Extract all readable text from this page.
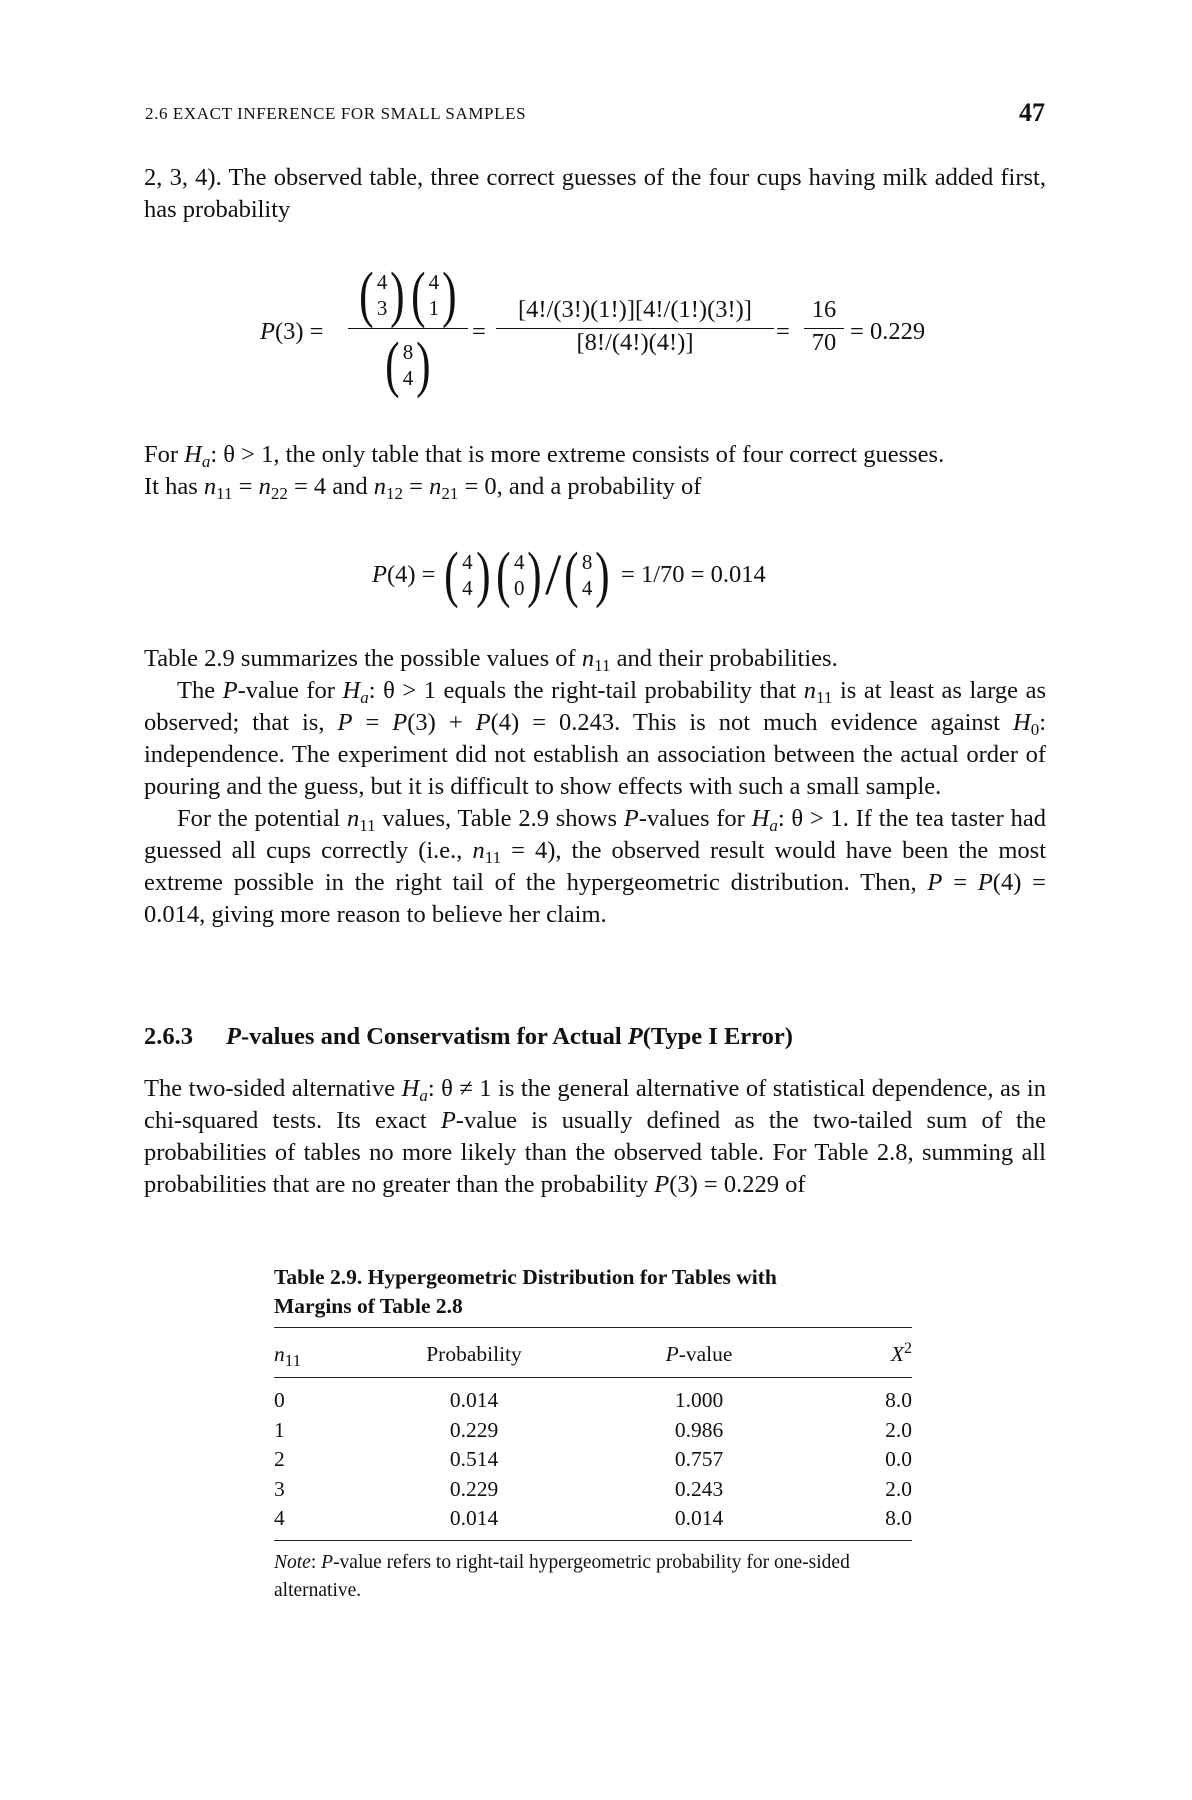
2.6 EXACT INFERENCE FOR SMALL SAMPLES	47

2, 3, 4). The observed table, three correct guesses of the four cups having milk added first, has probability

P(3) =
( 4
3 ) ( 4
1 )
( 8
4 ) = $\frac{[4!/(3!)(1!)][4!/(1!)(3!)]}{[8!/(4!)(4!)]} = \frac{16}{70} = 0.229$

For $H_a$: θ > 1, the only table that is more extreme consists of four correct guesses.

It has $n_{11} = n_{22} = 4$ and $n_{12} = n_{21} = 0$, and a probability of

P(4) = ( 4
4 ) ( 4
0 ) / ( 8
4 ) = 1/70 = 0.014

Table 2.9 summarizes the possible values of $n_{11}$ and their probabilities.

The P-value for $H_a$: θ > 1 equals the right-tail probability that $n_{11}$ is at least as large as observed; that is, P = P(3) + P(4) = 0.243. This is not much evidence against $H_0$: independence. The experiment did not establish an association between the actual order of pouring and the guess, but it is difficult to show effects with such a small sample.

For the potential $n_{11}$ values, Table 2.9 shows P-values for $H_a$: θ > 1. If the tea taster had guessed all cups correctly (i.e., $n_{11} = 4$), the observed result would have been the most extreme possible in the right tail of the hypergeometric distribution. Then, P = P(4) = 0.014, giving more reason to believe her claim.

2.6.3 P-values and Conservatism for Actual P(Type I Error)

The two-sided alternative $H_a$: θ ≠ 1 is the general alternative of statistical dependence, as in chi-squared tests. Its exact P-value is usually defined as the two-tailed sum of the probabilities of tables no more likely than the observed table. For Table 2.8, summing all probabilities that are no greater than the probability P(3) = 0.229 of

Table 2.9. Hypergeometric Distribution for Tables with
Margins of Table 2.8
$n_{11}$	Probability	P-value	$X^2$

0	0.014	1.000	8.0
1	0.229	0.986	2.0
2	0.514	0.757	0.0
3	0.229	0.243	2.0
4	0.014	0.014	8.0
Note: P-value refers to right-tail hypergeometric probability for one-sided alternative.
